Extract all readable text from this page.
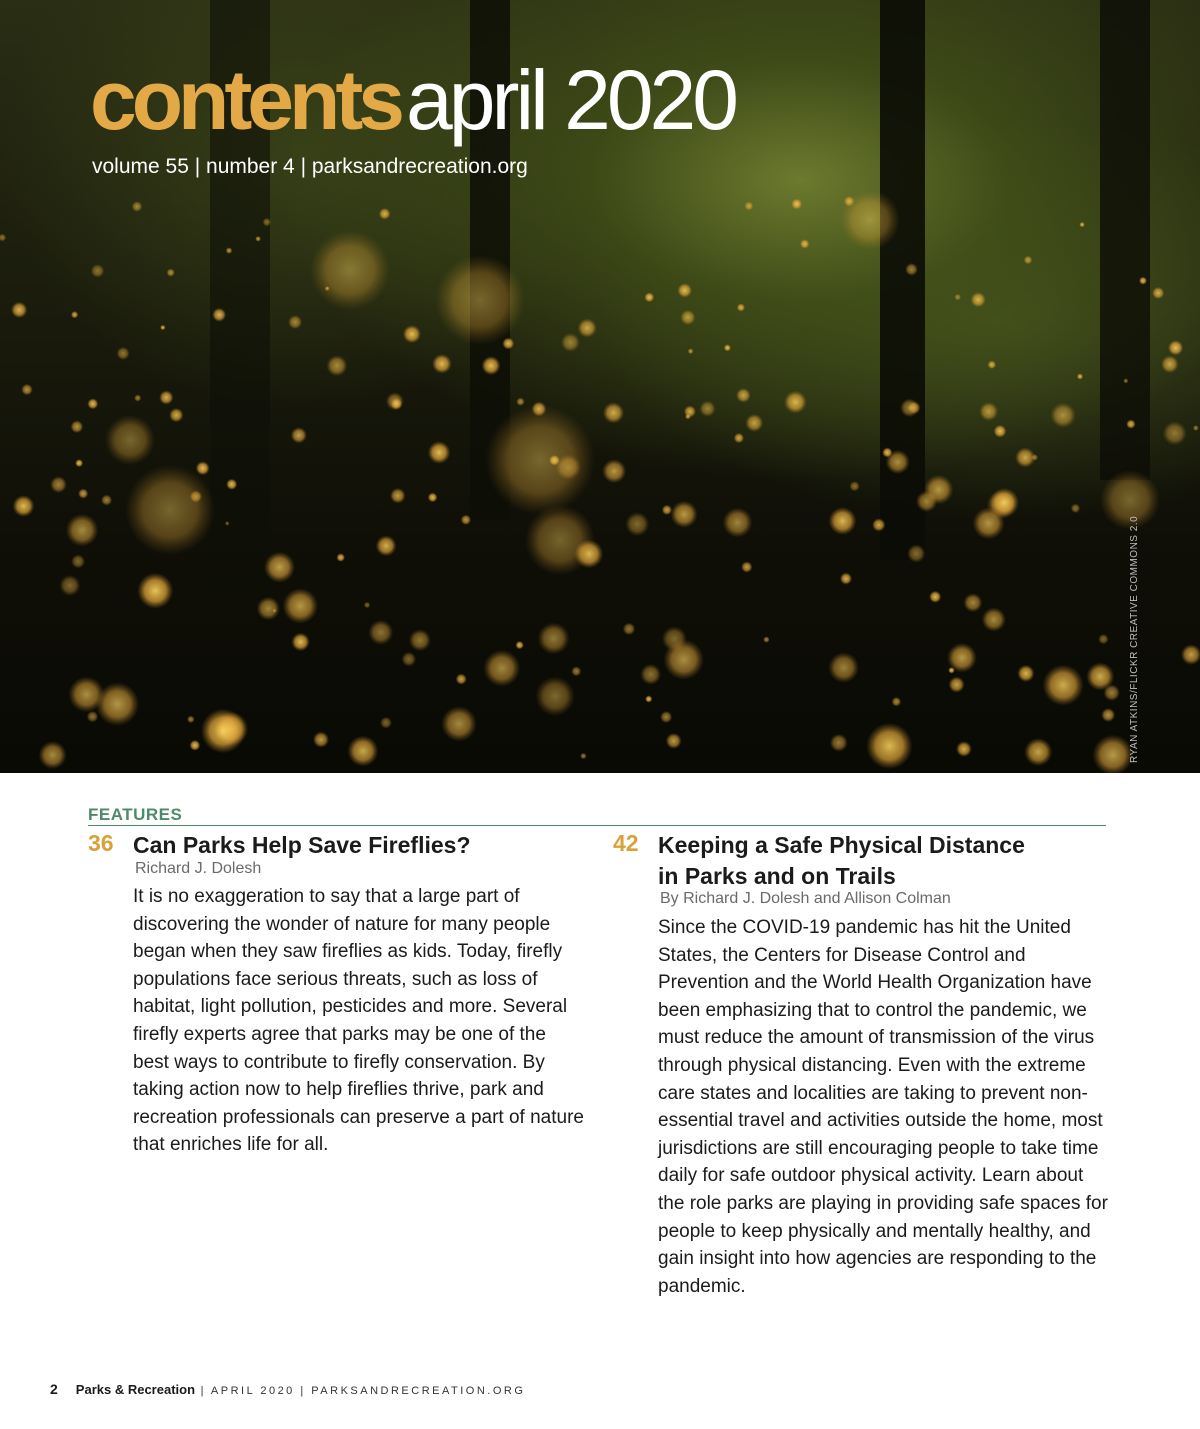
contentsapril 2020
volume 55 | number 4 | parksandrecreation.org
RYAN ATKINS/FLICKR CREATIVE COMMONS 2.0
FEATURES
36 Can Parks Help Save Fireflies?
Richard J. Dolesh
It is no exaggeration to say that a large part of discovering the wonder of nature for many people began when they saw fireflies as kids. Today, firefly populations face serious threats, such as loss of habitat, light pollution, pesticides and more. Several firefly experts agree that parks may be one of the best ways to contribute to firefly conservation. By taking action now to help fireflies thrive, park and recreation professionals can preserve a part of nature that enriches life for all.
42 Keeping a Safe Physical Distance
in Parks and on Trails
By Richard J. Dolesh and Allison Colman
Since the COVID-19 pandemic has hit the United States, the Centers for Disease Control and Prevention and the World Health Organization have been emphasizing that to control the pandemic, we must reduce the amount of transmission of the virus through physical distancing. Even with the extreme care states and localities are taking to prevent non-essential travel and activities outside the home, most jurisdictions are still encouraging people to take time daily for safe outdoor physical activity. Learn about the role parks are playing in providing safe spaces for people to keep physically and mentally healthy, and gain insight into how agencies are responding to the pandemic.
2 Parks & Recreation | APRIL 2020 | PARKSANDRECREATION.ORG
